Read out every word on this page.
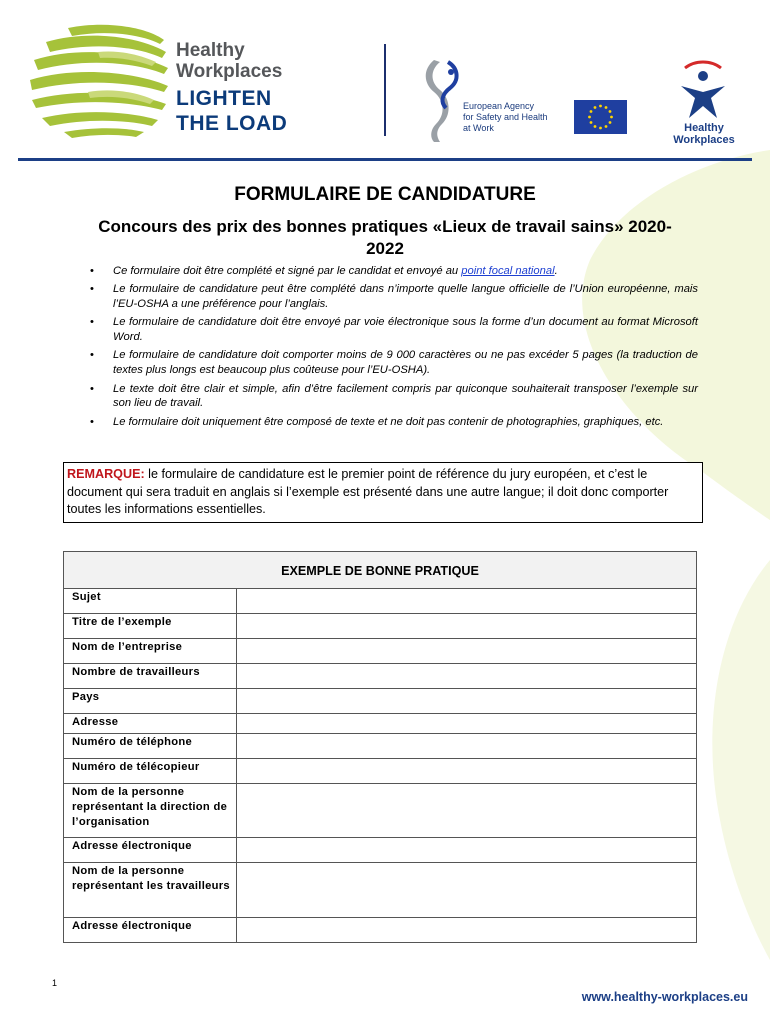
Healthy
Workplaces
LIGHTEN
THE LOAD
European Agency
for Safety and Health
at Work	Healthy Workplaces
FORMULAIRE DE CANDIDATURE
Concours des prix des bonnes pratiques «Lieux de travail sains» 2020-2022
• Ce formulaire doit être complété et signé par le candidat et envoyé au point focal national.
• Le formulaire de candidature peut être complété dans n’importe quelle langue officielle de l’Union européenne, mais l’EU-OSHA a une préférence pour l’anglais.
• Le formulaire de candidature doit être envoyé par voie électronique sous la forme d’un document au format Microsoft Word.
• Le formulaire de candidature doit comporter moins de 9 000 caractères ou ne pas excéder 5 pages (la traduction de textes plus longs est beaucoup plus coûteuse pour l’EU-OSHA).
• Le texte doit être clair et simple, afin d’être facilement compris par quiconque souhaiterait transposer l’exemple sur son lieu de travail.
• Le formulaire doit uniquement être composé de texte et ne doit pas contenir de photographies, graphiques, etc.
REMARQUE: le formulaire de candidature est le premier point de référence du jury européen, et c’est le document qui sera traduit en anglais si l’exemple est présenté dans une autre langue; il doit donc comporter toutes les informations essentielles.
EXEMPLE DE BONNE PRATIQUE	
Sujet	
Titre de l’exemple	
Nom de l’entreprise	
Nombre de travailleurs	
Pays	
Adresse	
Numéro de téléphone	
Numéro de télécopieur	
Nom de la personne représentant la direction de l’organisation	
Adresse électronique	
Nom de la personne représentant les travailleurs	
Adresse électronique	
1
www.healthy-workplaces.eu
